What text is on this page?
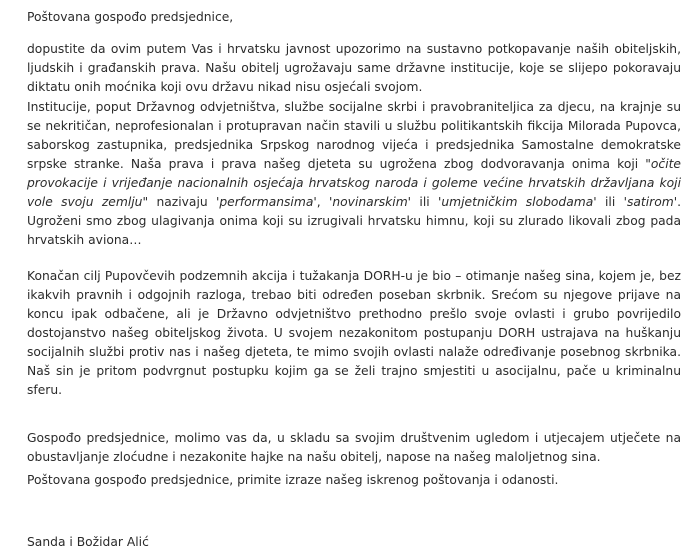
Poštovana gospođo predsjednice,

dopustite da ovim putem Vas i hrvatsku javnost upozorimo na sustavno potkopavanje naših obiteljskih, ljudskih i građanskih prava. Našu obitelj ugrožavaju same državne institucije, koje se slijepo pokoravaju diktatu onih moćnika koji ovu državu nikad nisu osjećali svojom.

Institucije, poput Državnog odvjetništva, službe socijalne skrbi i pravobraniteljica za djecu, na krajnje su se nekritičan, neprofesionalan i protupravan način stavili u službu politikantskih fikcija Milorada Pupovca, saborskog zastupnika, predsjednika Srpskog narodnog vijeća i predsjednika Samostalne demokratske srpske stranke. Naša prava i prava našeg djeteta su ugrožena zbog dodvoravanja onima koji "očite provokacije i vrijeđanje nacionalnih osjećaja hrvatskog naroda i goleme većine hrvatskih državljana koji vole svoju zemlju" nazivaju 'performansima', 'novinarskim' ili 'umjetničkim slobodama' ili 'satirom'. Ugroženi smo zbog ulagivanja onima koji su izrugivali hrvatsku himnu, koji su zlurado likovali zbog pada hrvatskih aviona…

Konačan cilj Pupovčevih podzemnih akcija i tužakanja DORH-u je bio – otimanje našeg sina, kojem je, bez ikakvih pravnih i odgojnih razloga, trebao biti određen poseban skrbnik. Srećom su njegove prijave na koncu ipak odbačene, ali je Državno odvjetništvo prethodno prešlo svoje ovlasti i grubo povrijedilo dostojanstvo našeg obiteljskog života. U svojem nezakonitom postupanju DORH ustrajava na huškanju socijalnih službi protiv nas i našeg djeteta, te mimo svojih ovlasti nalaže određivanje posebnog skrbnika. Naš sin je pritom podvrgnut postupku kojim ga se želi trajno smjestiti u asocijalnu, pače u kriminalnu sferu.

Gospođo predsjednice, molimo vas da, u skladu sa svojim društvenim ugledom i utjecajem utječete na obustavljanje zloćudne i nezakonite hajke na našu obitelj, napose na našeg maloljetnog sina.

Poštovana gospođo predsjednice, primite izraze našeg iskrenog poštovanja i odanosti.

Sanda i Božidar Alić
